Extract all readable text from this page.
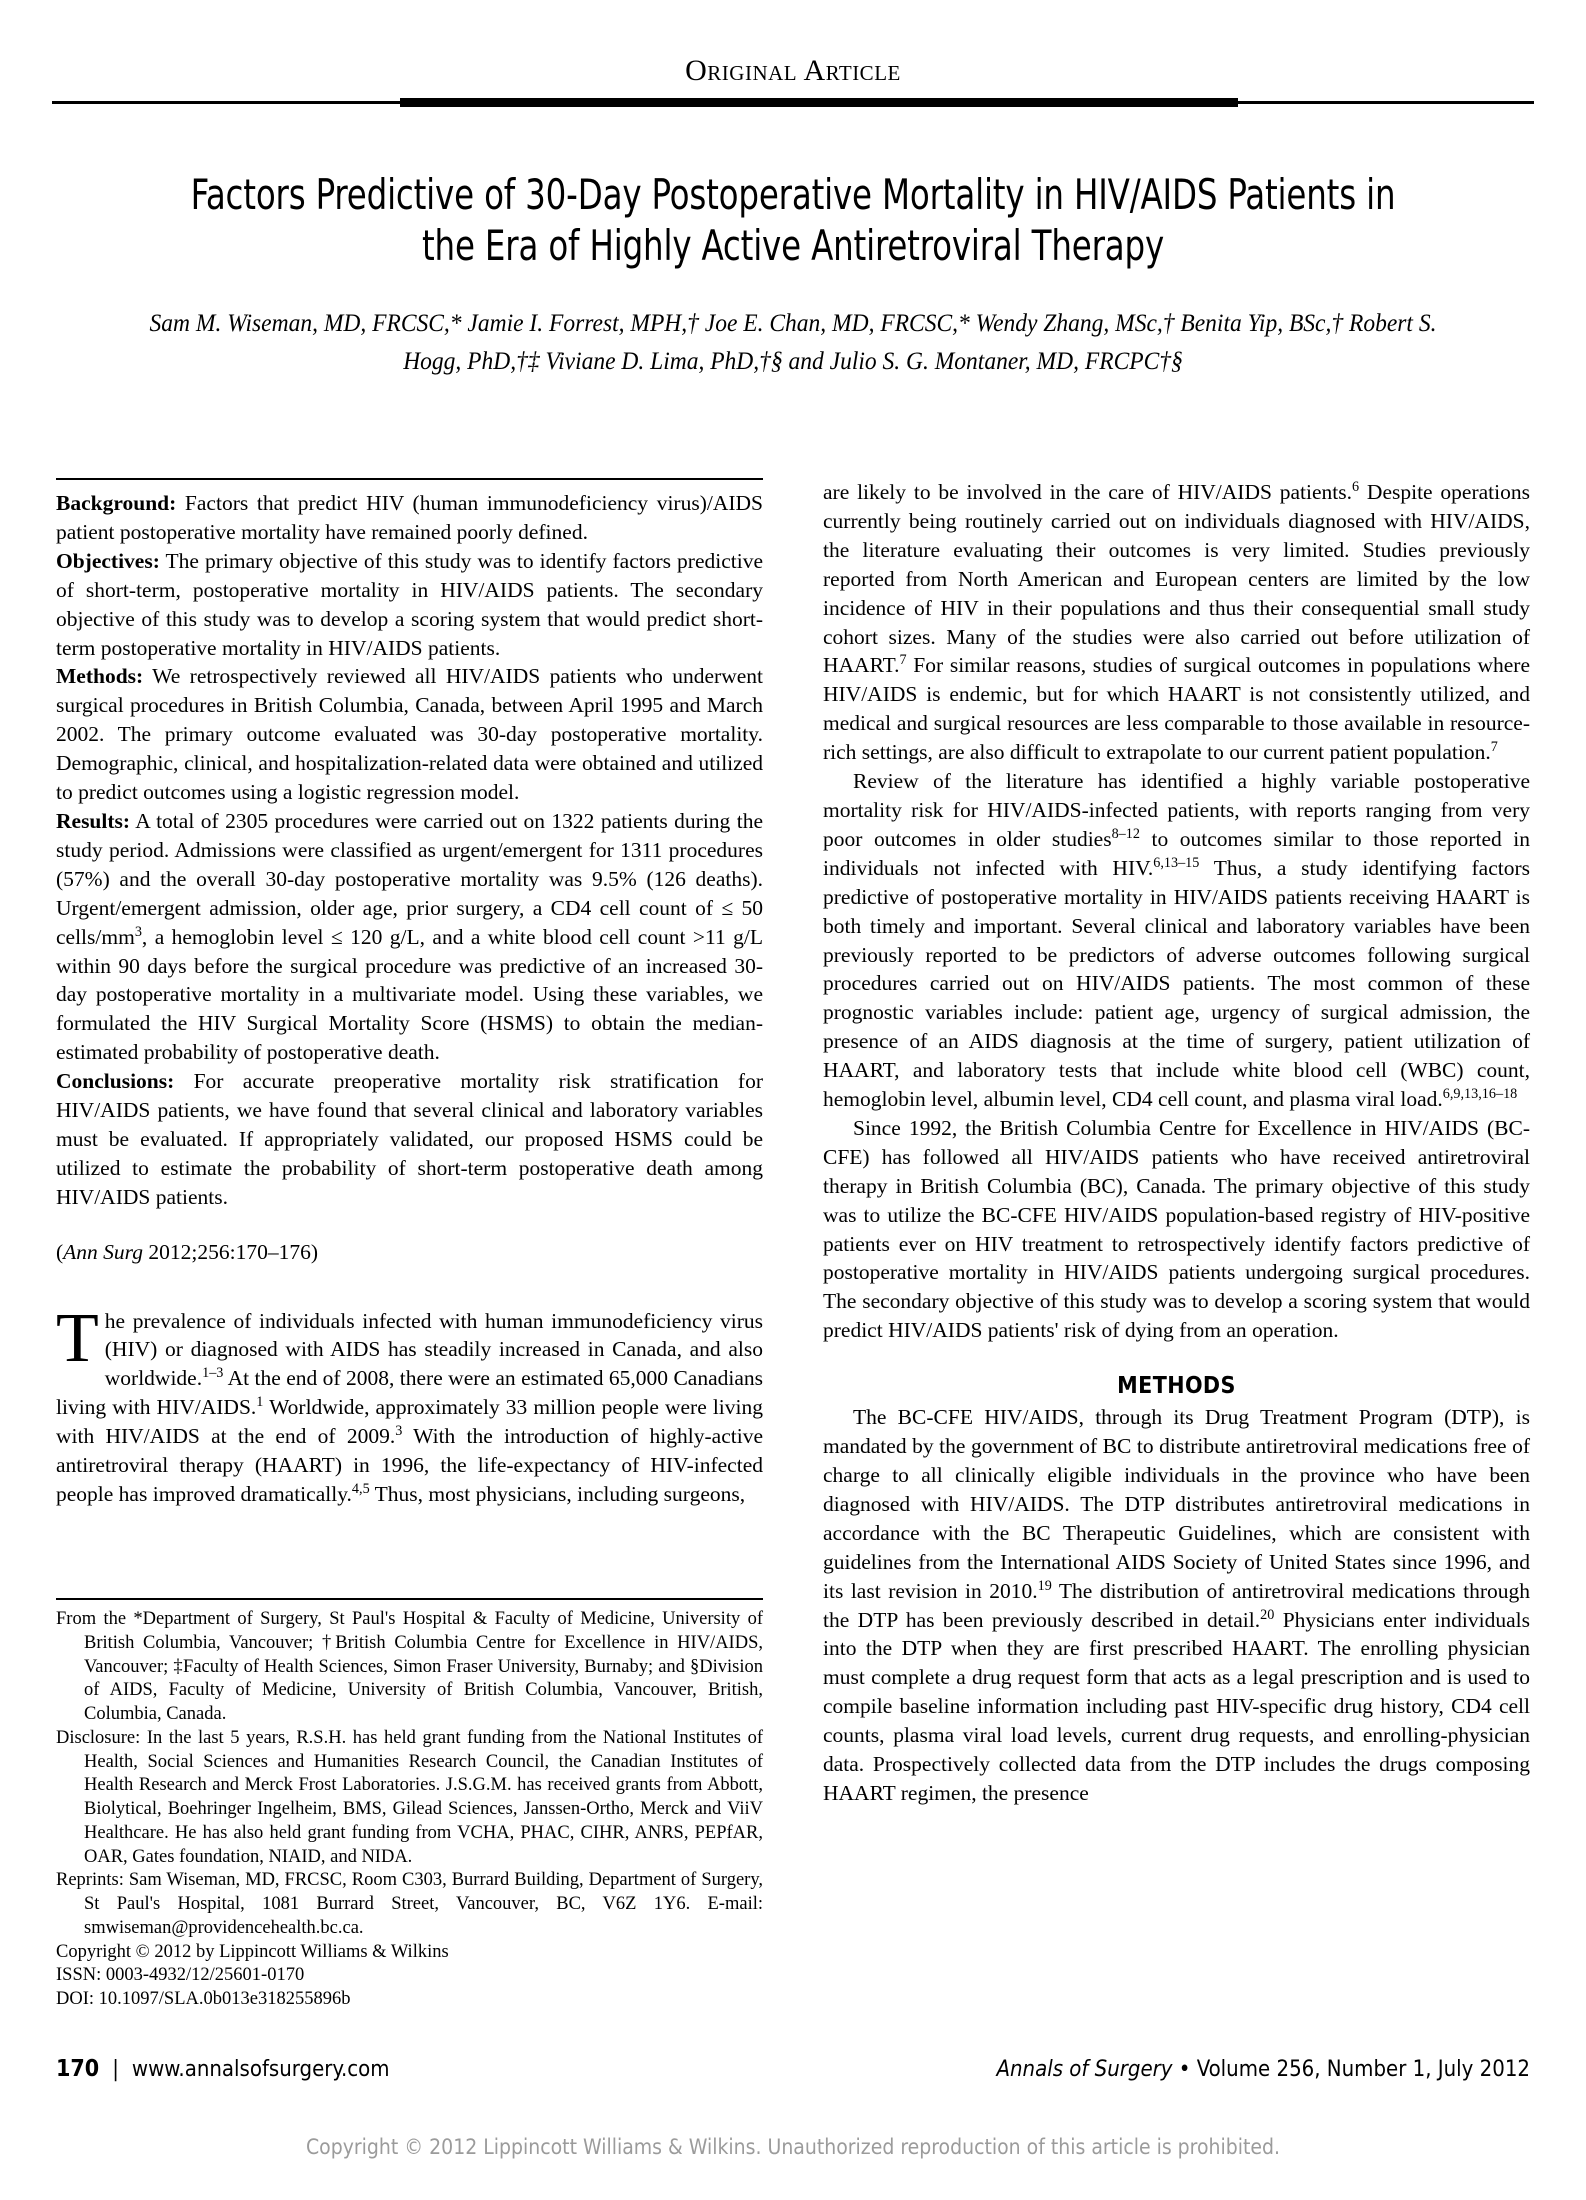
Original Article
Factors Predictive of 30-Day Postoperative Mortality in HIV/AIDS Patients in the Era of Highly Active Antiretroviral Therapy
Sam M. Wiseman, MD, FRCSC,* Jamie I. Forrest, MPH,† Joe E. Chan, MD, FRCSC,* Wendy Zhang, MSc,† Benita Yip, BSc,† Robert S. Hogg, PhD,†‡ Viviane D. Lima, PhD,†§ and Julio S. G. Montaner, MD, FRCPC†§

Background: Factors that predict HIV (human immunodeficiency virus)/AIDS patient postoperative mortality have remained poorly defined.

Objectives: The primary objective of this study was to identify factors predictive of short-term, postoperative mortality in HIV/AIDS patients. The secondary objective of this study was to develop a scoring system that would predict short-term postoperative mortality in HIV/AIDS patients.

Methods: We retrospectively reviewed all HIV/AIDS patients who underwent surgical procedures in British Columbia, Canada, between April 1995 and March 2002. The primary outcome evaluated was 30-day postoperative mortality. Demographic, clinical, and hospitalization-related data were obtained and utilized to predict outcomes using a logistic regression model.

Results: A total of 2305 procedures were carried out on 1322 patients during the study period. Admissions were classified as urgent/emergent for 1311 procedures (57%) and the overall 30-day postoperative mortality was 9.5% (126 deaths). Urgent/emergent admission, older age, prior surgery, a CD4 cell count of ≤ 50 cells/$mm^3$, a hemoglobin level ≤ 120 g/L, and a white blood cell count >11 g/L within 90 days before the surgical procedure was predictive of an increased 30-day postoperative mortality in a multivariate model. Using these variables, we formulated the HIV Surgical Mortality Score (HSMS) to obtain the median-estimated probability of postoperative death.

Conclusions: For accurate preoperative mortality risk stratification for HIV/AIDS patients, we have found that several clinical and laboratory variables must be evaluated. If appropriately validated, our proposed HSMS could be utilized to estimate the probability of short-term postoperative death among HIV/AIDS patients.

(Ann Surg 2012;256:170–176)

The prevalence of individuals infected with human immunodeficiency virus (HIV) or diagnosed with AIDS has steadily increased in Canada, and also worldwide.$^{1-3}$ At the end of 2008, there were an estimated 65,000 Canadians living with HIV/AIDS.$^1$ Worldwide, approximately 33 million people were living with HIV/AIDS at the end of 2009.$^3$ With the introduction of highly-active antiretroviral therapy (HAART) in 1996, the life-expectancy of HIV-infected people has improved dramatically.$^{4,5}$ Thus, most physicians, including surgeons,

are likely to be involved in the care of HIV/AIDS patients.$^6$ Despite operations currently being routinely carried out on individuals diagnosed with HIV/AIDS, the literature evaluating their outcomes is very limited. Studies previously reported from North American and European centers are limited by the low incidence of HIV in their populations and thus their consequential small study cohort sizes. Many of the studies were also carried out before utilization of HAART.$^7$ For similar reasons, studies of surgical outcomes in populations where HIV/AIDS is endemic, but for which HAART is not consistently utilized, and medical and surgical resources are less comparable to those available in resource-rich settings, are also difficult to extrapolate to our current patient population.$^7$

Review of the literature has identified a highly variable postoperative mortality risk for HIV/AIDS-infected patients, with reports ranging from very poor outcomes in older studies$^{8-12}$ to outcomes similar to those reported in individuals not infected with HIV.$^{6,13-15}$ Thus, a study identifying factors predictive of postoperative mortality in HIV/AIDS patients receiving HAART is both timely and important. Several clinical and laboratory variables have been previously reported to be predictors of adverse outcomes following surgical procedures carried out on HIV/AIDS patients. The most common of these prognostic variables include: patient age, urgency of surgical admission, the presence of an AIDS diagnosis at the time of surgery, patient utilization of HAART, and laboratory tests that include white blood cell (WBC) count, hemoglobin level, albumin level, CD4 cell count, and plasma viral load.$^{6,9,13,16-18}$

Since 1992, the British Columbia Centre for Excellence in HIV/AIDS (BC-CFE) has followed all HIV/AIDS patients who have received antiretroviral therapy in British Columbia (BC), Canada. The primary objective of this study was to utilize the BC-CFE HIV/AIDS population-based registry of HIV-positive patients ever on HIV treatment to retrospectively identify factors predictive of postoperative mortality in HIV/AIDS patients undergoing surgical procedures. The secondary objective of this study was to develop a scoring system that would predict HIV/AIDS patients' risk of dying from an operation.

METHODS

The BC-CFE HIV/AIDS, through its Drug Treatment Program (DTP), is mandated by the government of BC to distribute antiretroviral medications free of charge to all clinically eligible individuals in the province who have been diagnosed with HIV/AIDS. The DTP distributes antiretroviral medications in accordance with the BC Therapeutic Guidelines, which are consistent with guidelines from the International AIDS Society of United States since 1996, and its last revision in 2010.19 The distribution of antiretroviral medications through the DTP has been previously described in detail.$^{20}$ Physicians enter individuals into the DTP when they are first prescribed HAART. The enrolling physician must complete a drug request form that acts as a legal prescription and is used to compile baseline information including past HIV-specific drug history, CD4 cell counts, plasma viral load levels, current drug requests, and enrolling-physician data. Prospectively collected data from the DTP includes the drugs composing HAART regimen, the presence

From the *Department of Surgery, St Paul's Hospital & Faculty of Medicine, University of British Columbia, Vancouver; †British Columbia Centre for Excellence in HIV/AIDS, Vancouver; ‡Faculty of Health Sciences, Simon Fraser University, Burnaby; and §Division of AIDS, Faculty of Medicine, University of British Columbia, Vancouver, British, Columbia, Canada.

Disclosure: In the last 5 years, R.S.H. has held grant funding from the National Institutes of Health, Social Sciences and Humanities Research Council, the Canadian Institutes of Health Research and Merck Frost Laboratories. J.S.G.M. has received grants from Abbott, Biolytical, Boehringer Ingelheim, BMS, Gilead Sciences, Janssen-Ortho, Merck and ViiV Healthcare. He has also held grant funding from VCHA, PHAC, CIHR, ANRS, PEPfAR, OAR, Gates foundation, NIAID, and NIDA.

Reprints: Sam Wiseman, MD, FRCSC, Room C303, Burrard Building, Department of Surgery, St Paul's Hospital, 1081 Burrard Street, Vancouver, BC, V6Z 1Y6. E-mail: smwiseman@providencehealth.bc.ca.

Copyright © 2012 by Lippincott Williams & Wilkins

ISSN: 0003-4932/12/25601-0170

DOI: 10.1097/SLA.0b013e318255896b

170 | www.annalsofsurgery.com	Annals of Surgery • Volume 256, Number 1, July 2012
Copyright © 2012 Lippincott Williams & Wilkins. Unauthorized reproduction of this article is prohibited.
